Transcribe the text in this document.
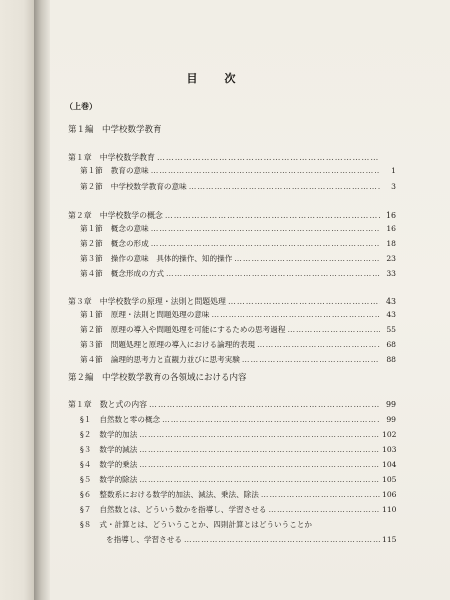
目　次
（上巻）
第１編　中学校数学教育
第１章 中学校数学教育
…………………………………………………………………………………………………………………………………………………………………………
第１節 教育の意味 …………………………………………………………………………………………………………………………………………………………………………	1
第２節 中学校数学教育の意味 …………………………………………………………………………………………………………………………………………………………………………	3
第２章 中学校数学の概念 …………………………………………………………………………………………………………………………………………………………………………	16
第１節 概念の意味 …………………………………………………………………………………………………………………………………………………………………………	16
第２節 概念の形成 …………………………………………………………………………………………………………………………………………………………………………	18
第３節 操作の意味　具体的操作、知的操作 …………………………………………………………………………………………………………………………………………………………………………	23
第４節 概念形成の方式 …………………………………………………………………………………………………………………………………………………………………………	33
第３章 中学校数学の原理・法則と問題処理 …………………………………………………………………………………………………………………………………………………………………………	43
第１節 原理・法則と問題処理の意味 …………………………………………………………………………………………………………………………………………………………………………	43
第２節 原理の導入や問題処理を可能にするための思考過程 …………………………………………………………………………………………………………………………………………………………………………	55
第３節 問題処理と原理の導入における論理的表現 …………………………………………………………………………………………………………………………………………………………………………	68
第４節 論理的思考力と直観力並びに思考実験 …………………………………………………………………………………………………………………………………………………………………………	88
第２編　中学校数学教育の各領域における内容
第１章 数と式の内容 …………………………………………………………………………………………………………………………………………………………………………	99
§１ 自然数と零の概念 …………………………………………………………………………………………………………………………………………………………………………	99
§２ 数学的加法 …………………………………………………………………………………………………………………………………………………………………………	102
§３ 数学的減法 …………………………………………………………………………………………………………………………………………………………………………	103
§４ 数学的乗法 …………………………………………………………………………………………………………………………………………………………………………	104
§５ 数学的除法 …………………………………………………………………………………………………………………………………………………………………………	105
§６ 整数系における数学的加法、減法、乗法、除法 …………………………………………………………………………………………………………………………………………………………………………	106
§７ 自然数とは、どういう数かを指導し、学習させる …………………………………………………………………………………………………………………………………………………………………………	110
§８ 式・計算とは、どういうことか、四則計算とはどういうことか
を指導し、学習させる …………………………………………………………………………………………………………………………………………………………………………	115
